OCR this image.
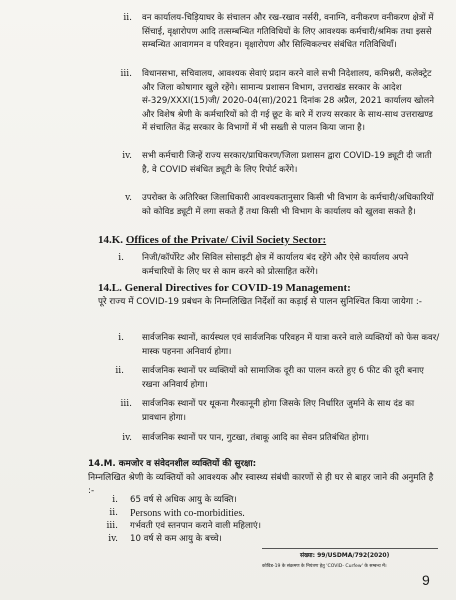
ii. वन कार्यालय-चिड़ियाघर के संचालन और रख-रखाव नर्सरी, वनाग्नि, वनीकरण वनीकरण क्षेत्रों में सिंचाई, वृक्षारोपण आदि तत्सम्बन्धित गतिविधियों के लिए आवश्यक कर्मचारी/श्रमिक तथा इससे सम्बन्धित आवागमन व परिवहन। वृक्षारोपण और सिल्विकल्चर संबंधित गतिविधियाँ।
iii. विधानसभा, सचिवालय, आवश्यक सेवाएं प्रदान करने वाले सभी निदेशालय, कमिश्नरी, कलेक्ट्रेट और जिला कोषागार खुले रहेंगे। सामान्य प्रशासन विभाग, उत्तराखंड सरकार के आदेश सं-329/XXXI(15)जी/ 2020-04(सा)/2021 दिनांक 28 अप्रैल, 2021 कार्यालय खोलने और विशेष श्रेणी के कर्मचारियों को दी गई छूट के बारे में राज्य सरकार के साथ-साथ उत्तराखण्ड में संचालित केंद्र सरकार के विभागों में भी सख्ती से पालन किया जाना है।
iv. सभी कर्मचारी जिन्हें राज्य सरकार/प्राधिकरण/जिला प्रशासन द्वारा COVID-19 ड्यूटी दी जाती है, वे COVID संबंधित ड्यूटी के लिए रिपोर्ट करेंगे।
v. उपरोक्त के अतिरिक्त जिलाधिकारी आवश्यकतानुसार किसी भी विभाग के कर्मचारी/अधिकारियों को कोविड ड्यूटी में लगा सकते हैं तथा किसी भी विभाग के कार्यालय को खुलवा सकते है।
14.K. Offices of the Private/ Civil Society Sector:
i. निजी/कॉर्पोरेट और सिविल सोसाइटी क्षेत्र में कार्यालय बंद रहेंगे और ऐसे कार्यालय अपने कर्मचारियों के लिए घर से काम करने को प्रोत्साहित करेंगे।
14.L. General Directives for COVID-19 Management:
पूरे राज्य में COVID-19 प्रबंधन के निम्नलिखित निर्देशों का कड़ाई से पालन सुनिश्चित किया जायेगा :-
i. सार्वजनिक स्थानों, कार्यस्थल एवं सार्वजनिक परिवहन में यात्रा करने वाले व्यक्तियों को फेस कवर/मास्क पहनना अनिवार्य होगा।
ii. सार्वजनिक स्थानों पर व्यक्तियों को सामाजिक दूरी का पालन करते हुए 6 फीट की दूरी बनाए रखना अनिवार्य होगा।
iii. सार्वजनिक स्थानों पर थूकना गैरकानूनी होगा जिसके लिए निर्धारित जुर्माने के साथ दंड का प्रावधान होगा।
iv. सार्वजनिक स्थानों पर पान, गुटखा, तंबाकू आदि का सेवन प्रतिबंधित होगा।
14.M. कमजोर व संवेदनशील व्यक्तियों की सुरक्षा:
निम्नलिखित श्रेणी के व्यक्तियों को आवश्यक और स्वास्थ्य संबंधी कारणों से ही घर से बाहर जाने की अनुमति है :-
i. 65 वर्ष से अधिक आयु के व्यक्ति।
ii. Persons with co-morbidities.
iii. गर्भवती एवं स्तनपान कराने वाली महिलाएं।
iv. 10 वर्ष से कम आयु के बच्चे।
संख्या: 99/USDMA/792(2020)
कोविड-19 के संक्रमण के नियंत्रण हेतु 'COVID- Curfew' के सम्बन्ध में।
9
